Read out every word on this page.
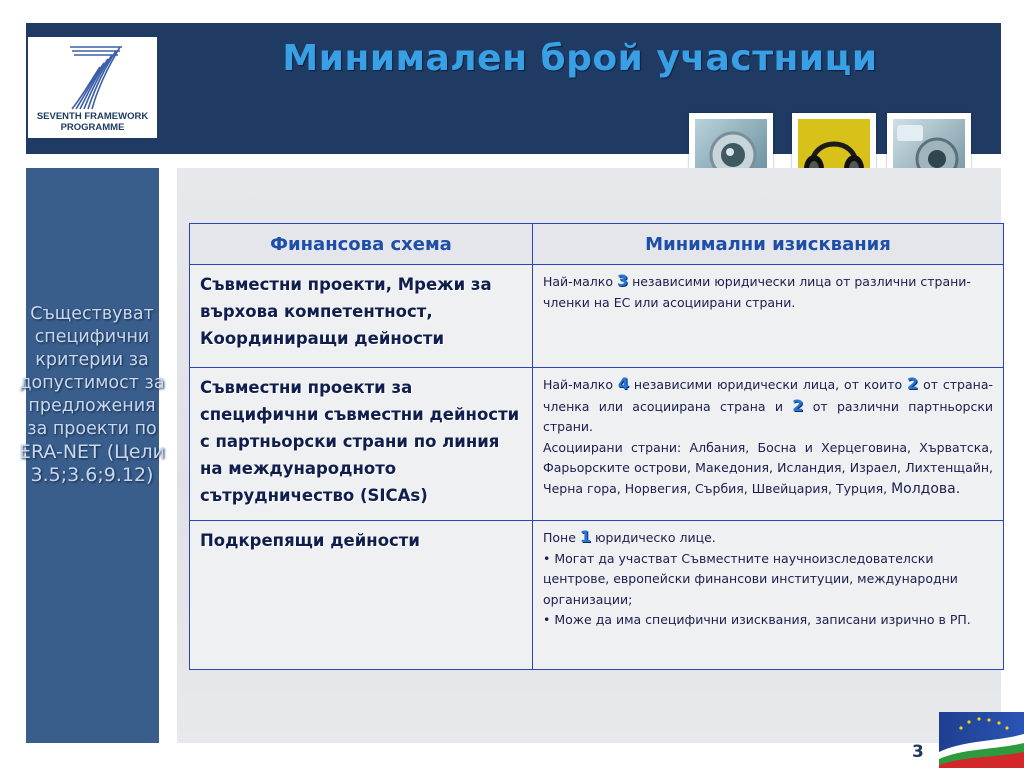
SEVENTH FRAMEWORK
PROGRAMME
Минимален брой участници
Съществуват
специфични
критерии за
допустимост за
предложения
за проекти по
ERA-NET (Цели
3.5;3.6;9.12)
Финансова схема	Минимални изисквания
Съвместни проекти, Мрежи за върхова компетентност, Координиращи дейности	Най-малко 3 независими юридически лица от различни страни-членки на ЕС или асоциирани страни.
Съвместни проекти за специфични съвместни дейности с партньорски страни по линия на международното сътрудничество (SICAs)	Най-малко 4 независими юридически лица, от които 2 от страна-членка или асоциирана страна и 2 от различни партньорски страни.
Асоциирани страни: Албания, Босна и Херцеговина, Хърватска, Фарьорските острови, Македония, Исландия, Израел, Лихтенщайн, Черна гора, Норвегия, Сърбия, Швейцария, Турция, Молдова.

Подкрепящи дейности	Поне 1 юридическо лице.
• Могат да участват Съвместните научноизследователски центрове, европейски финансови институции, международни организации;
• Може да има специфични изисквания, записани изрично в РП.
3
